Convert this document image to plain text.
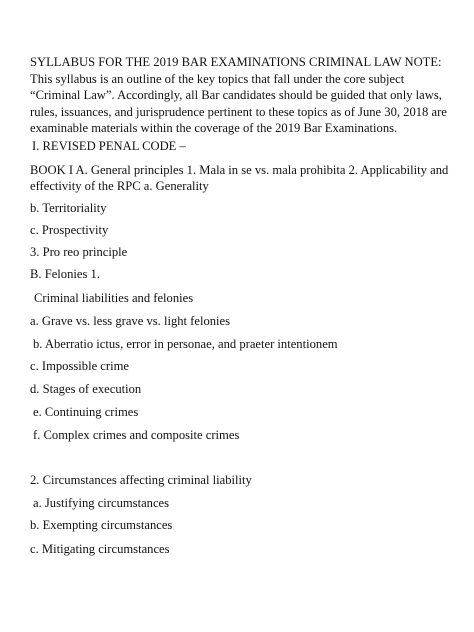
SYLLABUS FOR THE 2019 BAR EXAMINATIONS CRIMINAL LAW NOTE:
This syllabus is an outline of the key topics that fall under the core subject
“Criminal Law”. Accordingly, all Bar candidates should be guided that only laws,
rules, issuances, and jurisprudence pertinent to these topics as of June 30, 2018 are
examinable materials within the coverage of the 2019 Bar Examinations.
I. REVISED PENAL CODE –
BOOK I A. General principles 1. Mala in se vs. mala prohibita 2. Applicability and
effectivity of the RPC a. Generality
b. Territoriality
c. Prospectivity
3. Pro reo principle
B. Felonies 1.
Criminal liabilities and felonies
a. Grave vs. less grave vs. light felonies
b. Aberratio ictus, error in personae, and praeter intentionem
c. Impossible crime
d. Stages of execution
e. Continuing crimes
f. Complex crimes and composite crimes
2. Circumstances affecting criminal liability
a. Justifying circumstances
b. Exempting circumstances
c. Mitigating circumstances
